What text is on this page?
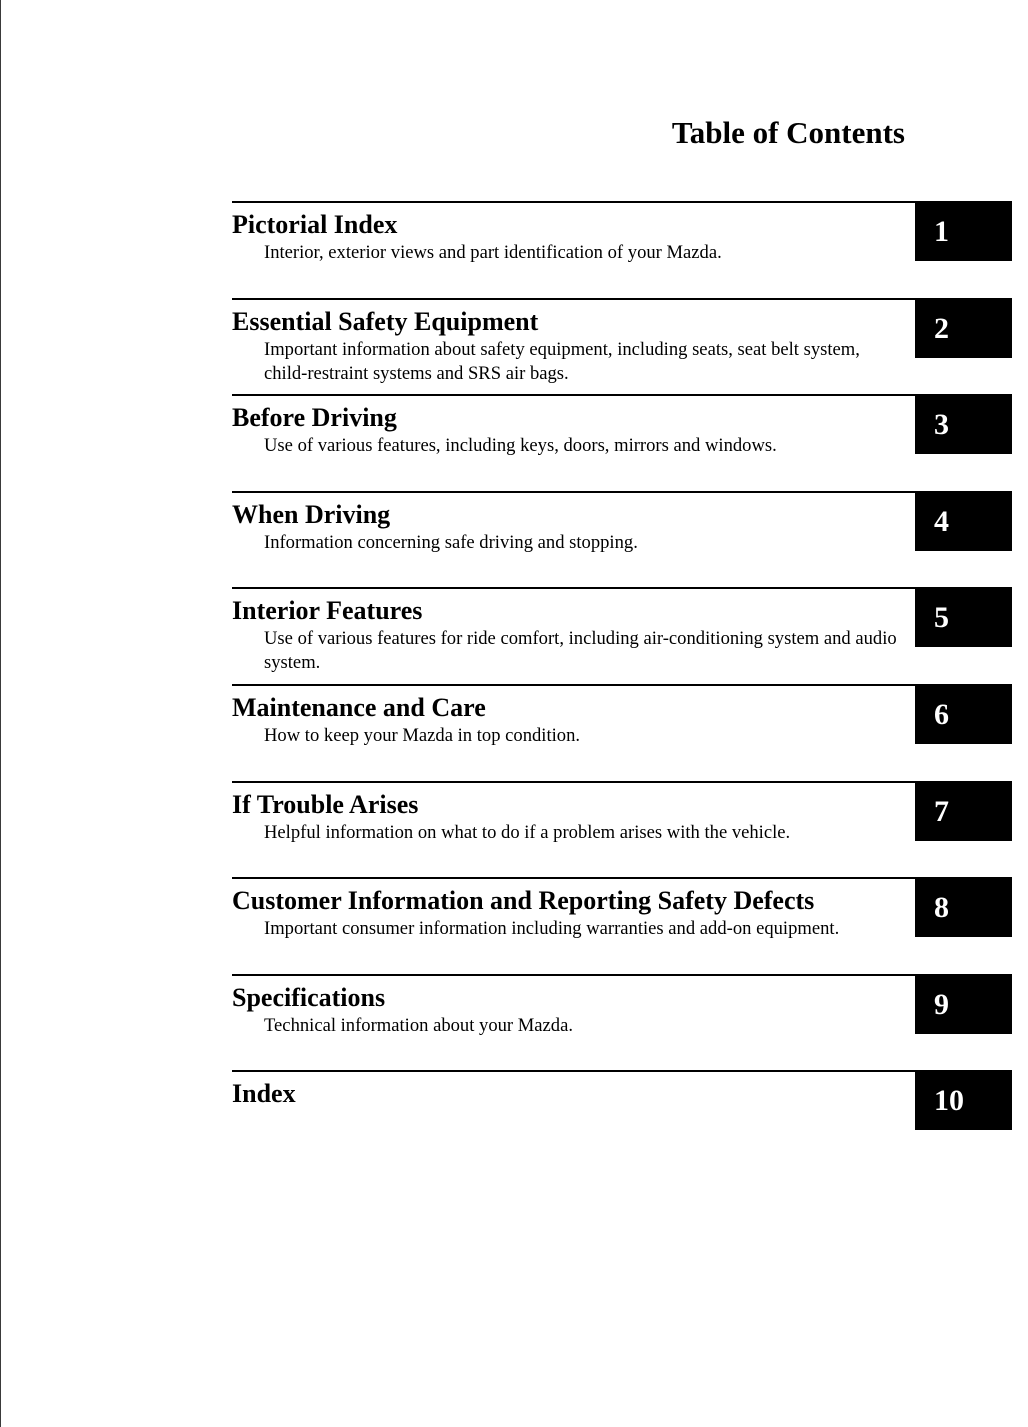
Table of Contents
Pictorial Index
Interior, exterior views and part identification of your Mazda.
1
Essential Safety Equipment
Important information about safety equipment, including seats, seat belt system, child-restraint systems and SRS air bags.
2
Before Driving
Use of various features, including keys, doors, mirrors and windows.
3
When Driving
Information concerning safe driving and stopping.
4
Interior Features
Use of various features for ride comfort, including air-conditioning system and audio system.
5
Maintenance and Care
How to keep your Mazda in top condition.
6
If Trouble Arises
Helpful information on what to do if a problem arises with the vehicle.
7
Customer Information and Reporting Safety Defects
Important consumer information including warranties and add-on equipment.
8
Specifications
Technical information about your Mazda.
9
Index	10
